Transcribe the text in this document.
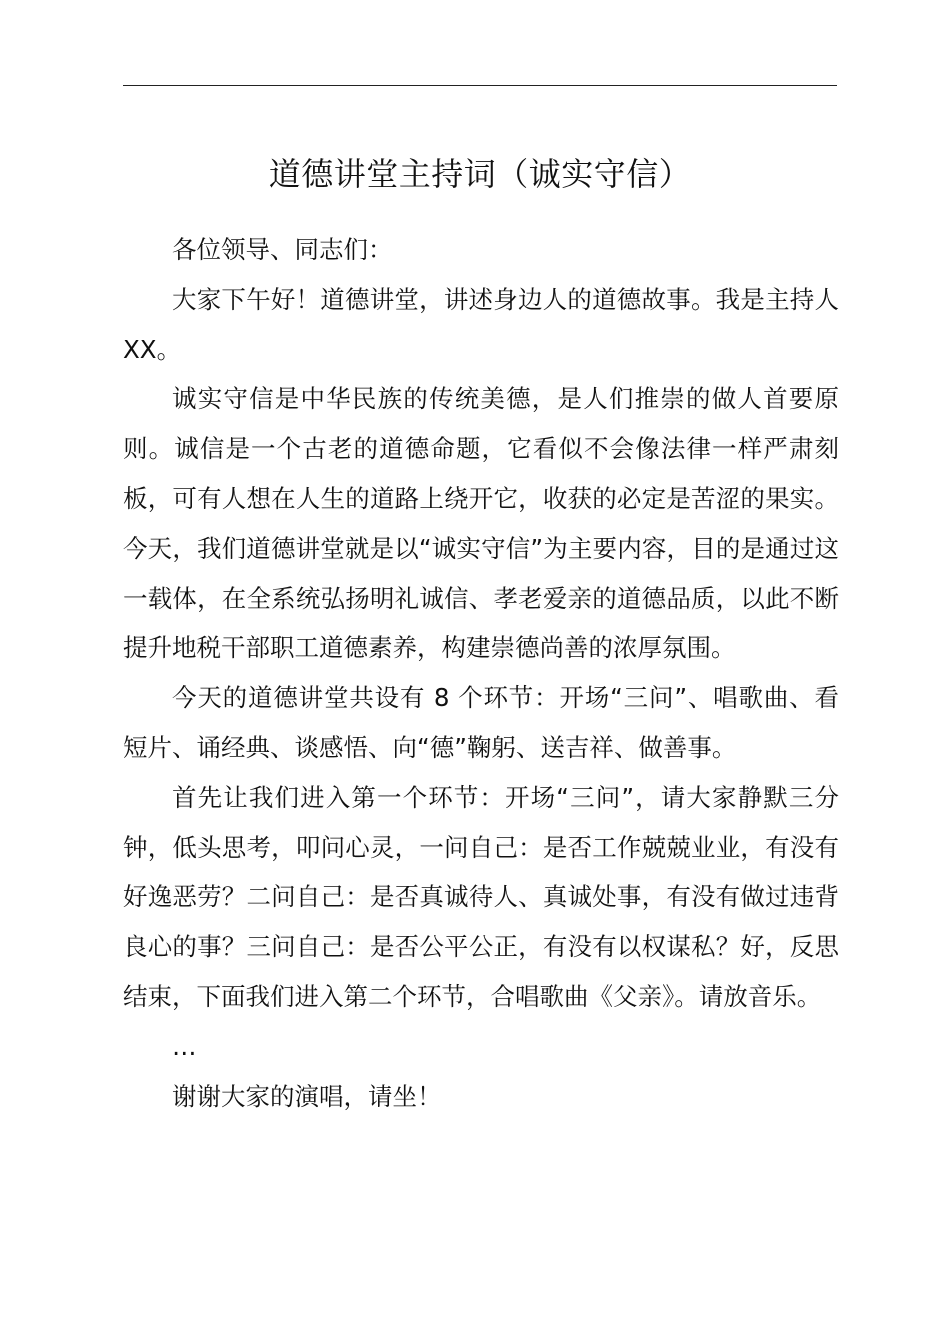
道德讲堂主持词（诚实守信）

各位领导、同志们：

大家下午好！道德讲堂，讲述身边人的道德故事。我是主持人 XX。

诚实守信是中华民族的传统美德，是人们推崇的做人首要原则。诚信是一个古老的道德命题，它看似不会像法律一样严肃刻板，可有人想在人生的道路上绕开它，收获的必定是苦涩的果实。今天，我们道德讲堂就是以“诚实守信”为主要内容，目的是通过这一载体，在全系统弘扬明礼诚信、孝老爱亲的道德品质，以此不断提升地税干部职工道德素养，构建崇德尚善的浓厚氛围。

今天的道德讲堂共设有 8 个环节：开场“三问”、唱歌曲、看短片、诵经典、谈感悟、向“德”鞠躬、送吉祥、做善事。

首先让我们进入第一个环节：开场“三问”，请大家静默三分钟，低头思考，叩问心灵，一问自己：是否工作兢兢业业，有没有好逸恶劳？二问自己：是否真诚待人、真诚处事，有没有做过违背良心的事？三问自己：是否公平公正，有没有以权谋私？好，反思结束，下面我们进入第二个环节，合唱歌曲《父亲》。请放音乐。

…

谢谢大家的演唱，请坐！
